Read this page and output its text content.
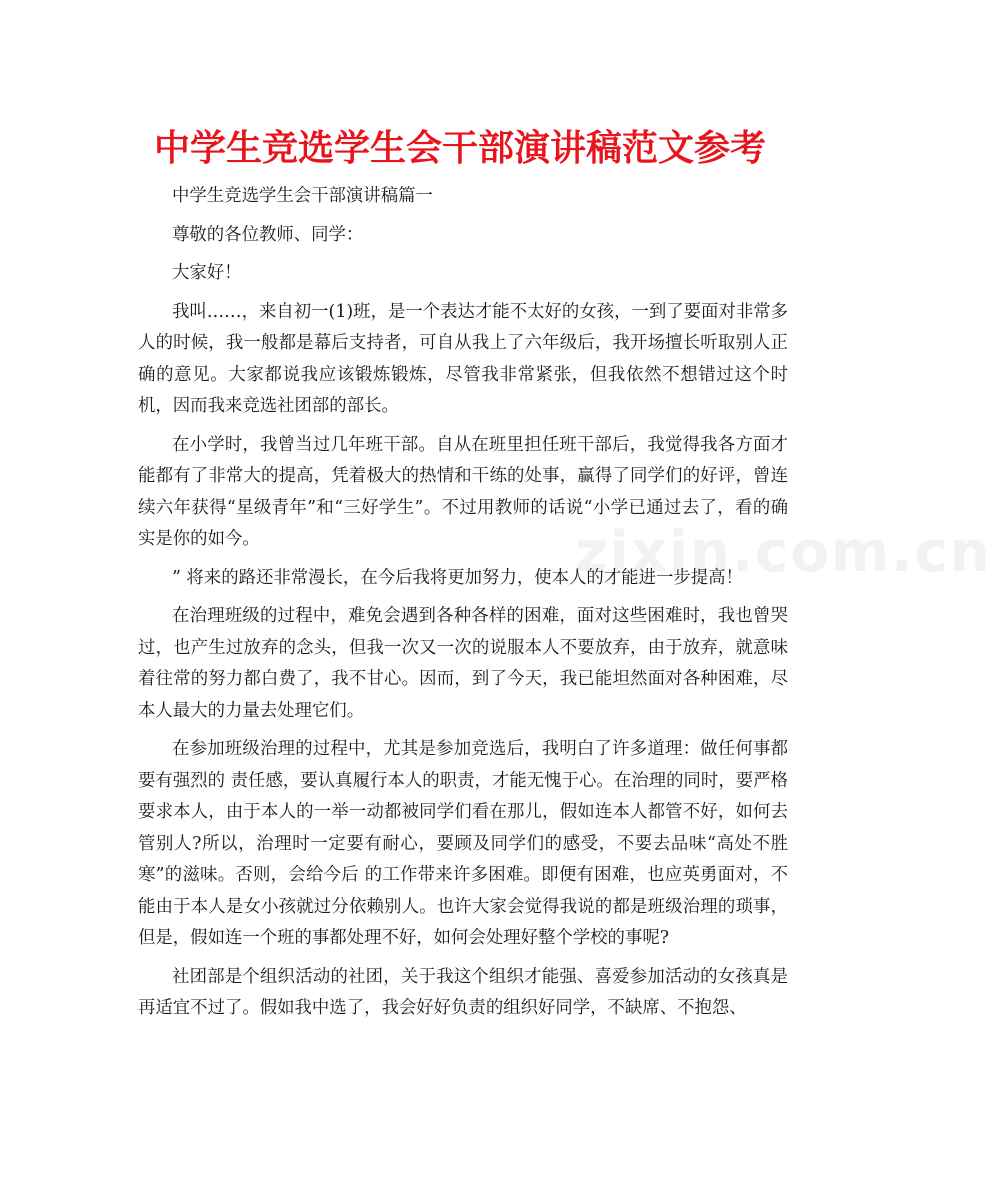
zixin.com.cn
中学生竞选学生会干部演讲稿范文参考

中学生竞选学生会干部演讲稿篇一

尊敬的各位教师、同学：

大家好！

我叫……，来自初一(1)班，是一个表达才能不太好的女孩，一到了要面对非常多人的时候，我一般都是幕后支持者，可自从我上了六年级后，我开场擅长听取别人正确的意见。大家都说我应该锻炼锻炼，尽管我非常紧张，但我依然不想错过这个时机，因而我来竞选社团部的部长。

在小学时，我曾当过几年班干部。自从在班里担任班干部后，我觉得我各方面才能都有了非常大的提高，凭着极大的热情和干练的处事，赢得了同学们的好评，曾连续六年获得“星级青年”和“三好学生”。不过用教师的话说“小学已通过去了，看的确实是你的如今。

” 将来的路还非常漫长，在今后我将更加努力，使本人的才能进一步提高！

在治理班级的过程中，难免会遇到各种各样的困难，面对这些困难时，我也曾哭过，也产生过放弃的念头，但我一次又一次的说服本人不要放弃，由于放弃，就意味着往常的努力都白费了，我不甘心。因而，到了今天，我已能坦然面对各种困难，尽本人最大的力量去处理它们。

在参加班级治理的过程中，尤其是参加竞选后，我明白了许多道理：做任何事都要有强烈的 责任感，要认真履行本人的职责，才能无愧于心。在治理的同时，要严格要求本人，由于本人的一举一动都被同学们看在那儿，假如连本人都管不好，如何去管别人?所以，治理时一定要有耐心，要顾及同学们的感受，不要去品味“高处不胜寒”的滋味。否则，会给今后 的工作带来许多困难。即便有困难，也应英勇面对，不能由于本人是女小孩就过分依赖别人。也许大家会觉得我说的都是班级治理的琐事，但是，假如连一个班的事都处理不好，如何会处理好整个学校的事呢?

社团部是个组织活动的社团，关于我这个组织才能强、喜爱参加活动的女孩真是再适宜不过了。假如我中选了，我会好好负责的组织好同学，不缺席、不抱怨、
